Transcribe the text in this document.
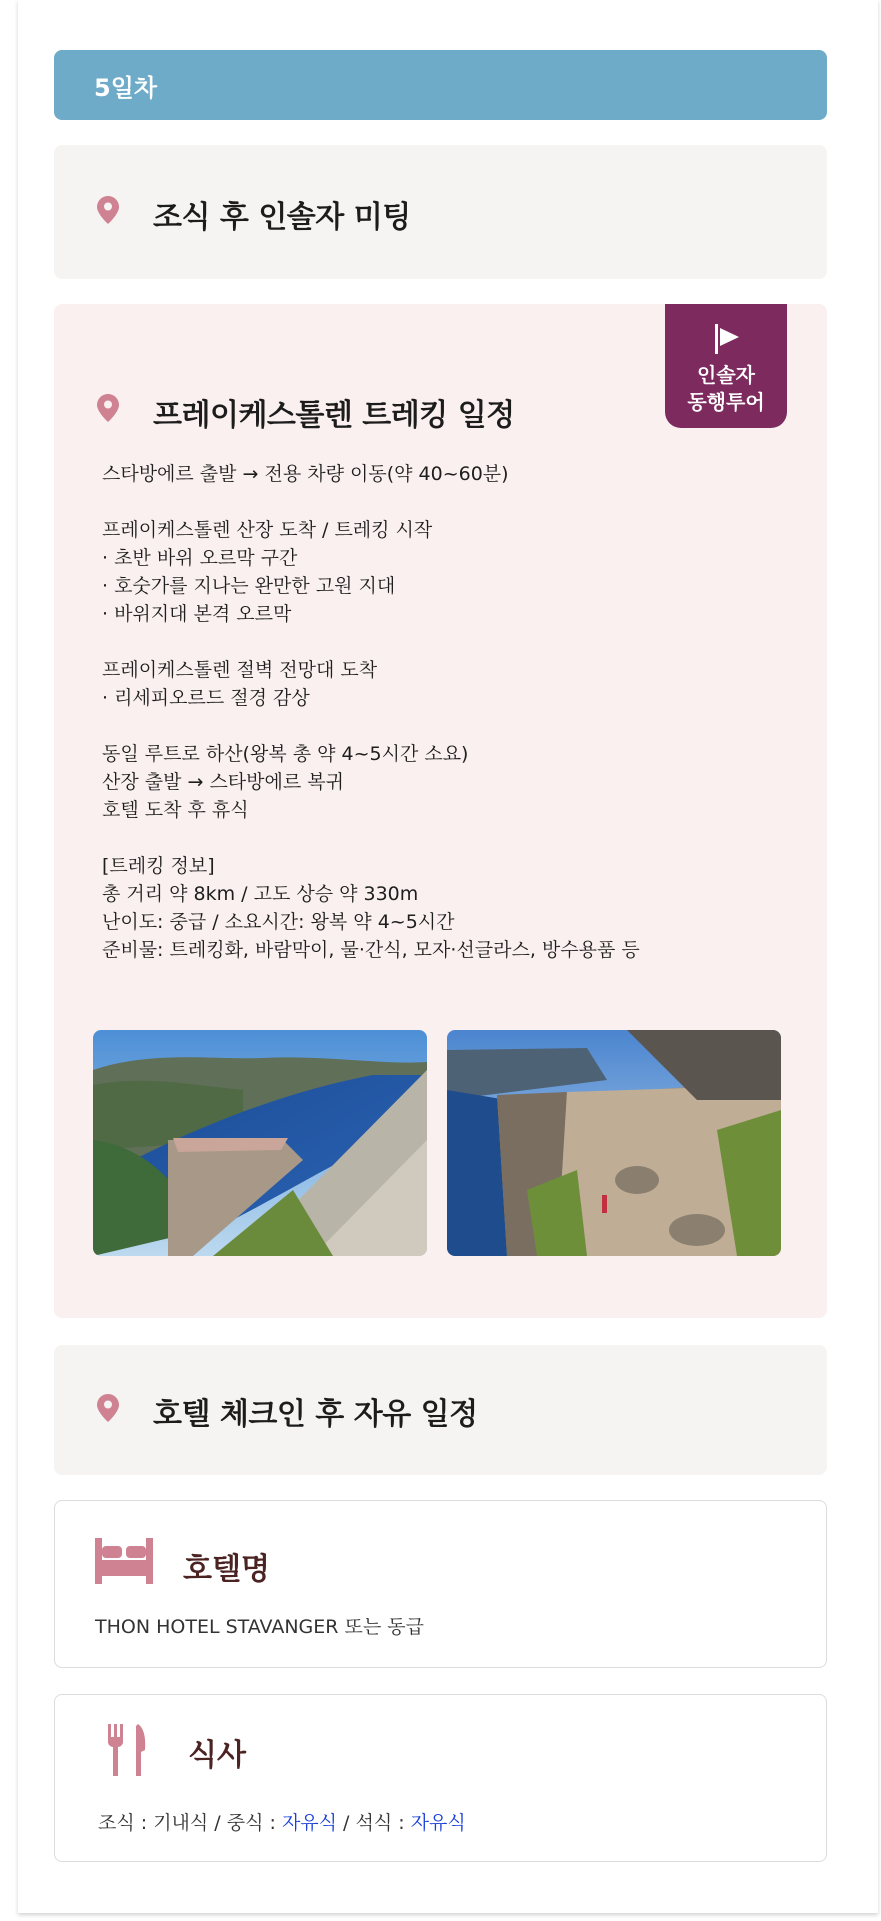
5일차
조식 후 인솔자 미팅
인솔자
동행투어
프레이케스톨렌 트레킹 일정
스타방에르 출발 → 전용 차량 이동(약 40~60분)
프레이케스톨렌 산장 도착 / 트레킹 시작
· 초반 바위 오르막 구간
· 호숫가를 지나는 완만한 고원 지대
· 바위지대 본격 오르막
프레이케스톨렌 절벽 전망대 도착
· 리세피오르드 절경 감상
동일 루트로 하산(왕복 총 약 4~5시간 소요)
산장 출발 → 스타방에르 복귀
호텔 도착 후 휴식
[트레킹 정보]
총 거리 약 8km / 고도 상승 약 330m
난이도: 중급 / 소요시간: 왕복 약 4~5시간
준비물: 트레킹화, 바람막이, 물·간식, 모자·선글라스, 방수용품 등
호텔 체크인 후 자유 일정
호텔명
THON HOTEL STAVANGER 또는 동급
식사
조식 : 기내식 / 중식 : 자유식 / 석식 : 자유식
